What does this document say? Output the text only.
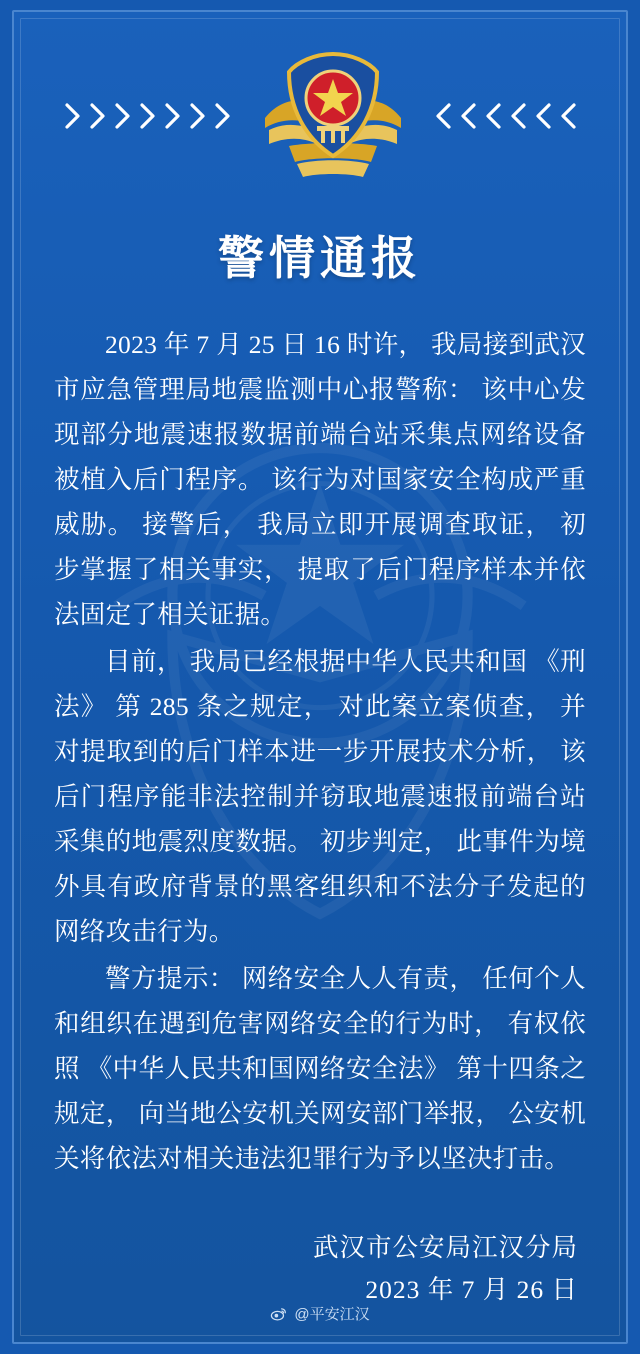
警情通报

2023 年 7 月 25 日 16 时许， 我局接到武汉市应急管理局地震监测中心报警称： 该中心发现部分地震速报数据前端台站采集点网络设备被植入后门程序。 该行为对国家安全构成严重威胁。 接警后， 我局立即开展调查取证， 初步掌握了相关事实， 提取了后门程序样本并依法固定了相关证据。

目前， 我局已经根据中华人民共和国 《刑法》 第 285 条之规定， 对此案立案侦查， 并对提取到的后门样本进一步开展技术分析， 该后门程序能非法控制并窃取地震速报前端台站采集的地震烈度数据。 初步判定， 此事件为境外具有政府背景的黑客组织和不法分子发起的网络攻击行为。

警方提示： 网络安全人人有责， 任何个人和组织在遇到危害网络安全的行为时， 有权依照 《中华人民共和国网络安全法》 第十四条之规定， 向当地公安机关网安部门举报， 公安机关将依法对相关违法犯罪行为予以坚决打击。

武汉市公安局江汉分局
2023 年 7 月 26 日
@平安江汉
